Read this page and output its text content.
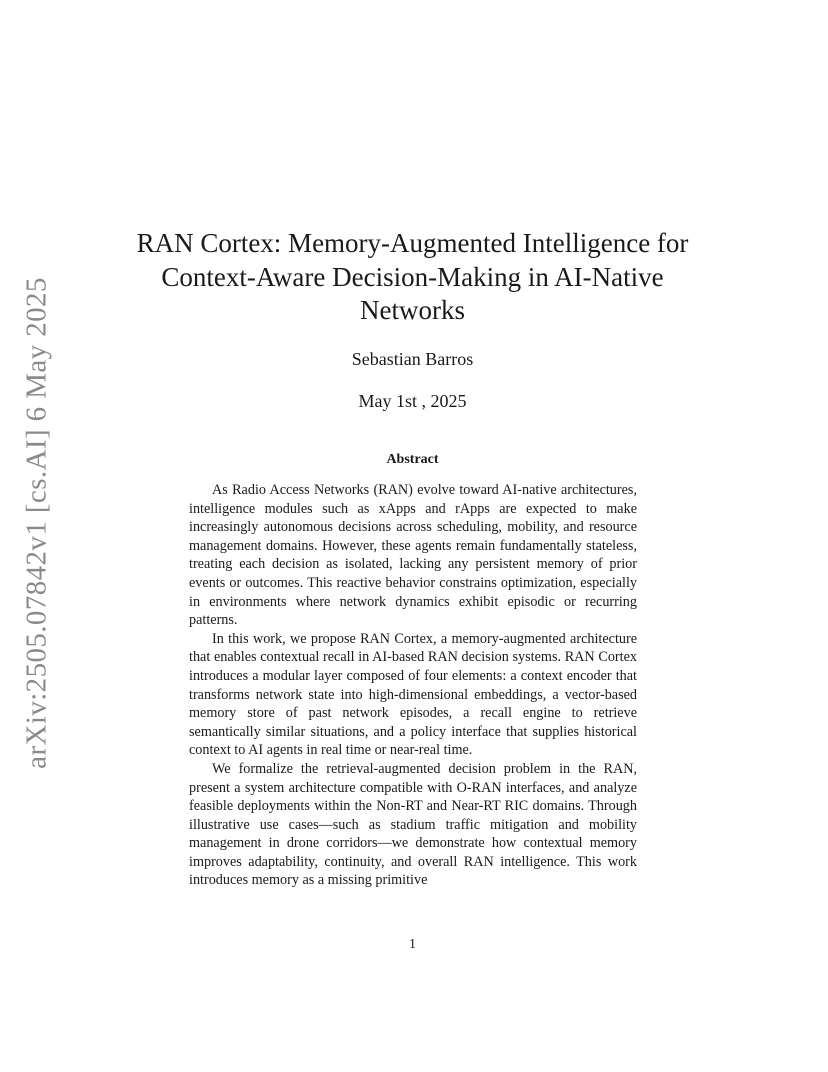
arXiv:2505.07842v1 [cs.AI] 6 May 2025
RAN Cortex: Memory-Augmented Intelligence for Context-Aware Decision-Making in AI-Native Networks
Sebastian Barros
May 1st , 2025
Abstract

As Radio Access Networks (RAN) evolve toward AI-native architectures, intelligence modules such as xApps and rApps are expected to make increasingly autonomous decisions across scheduling, mobility, and resource management domains. However, these agents remain fundamentally stateless, treating each decision as isolated, lacking any persistent memory of prior events or outcomes. This reactive behavior constrains optimization, especially in environments where network dynamics exhibit episodic or recurring patterns.

In this work, we propose RAN Cortex, a memory-augmented architecture that enables contextual recall in AI-based RAN decision systems. RAN Cortex introduces a modular layer composed of four elements: a context encoder that transforms network state into high-dimensional embeddings, a vector-based memory store of past network episodes, a recall engine to retrieve semantically similar situations, and a policy interface that supplies historical context to AI agents in real time or near-real time.

We formalize the retrieval-augmented decision problem in the RAN, present a system architecture compatible with O-RAN interfaces, and analyze feasible deployments within the Non-RT and Near-RT RIC domains. Through illustrative use cases—such as stadium traffic mitigation and mobility management in drone corridors—we demonstrate how contextual memory improves adaptability, continuity, and overall RAN intelligence. This work introduces memory as a missing primitive

1
